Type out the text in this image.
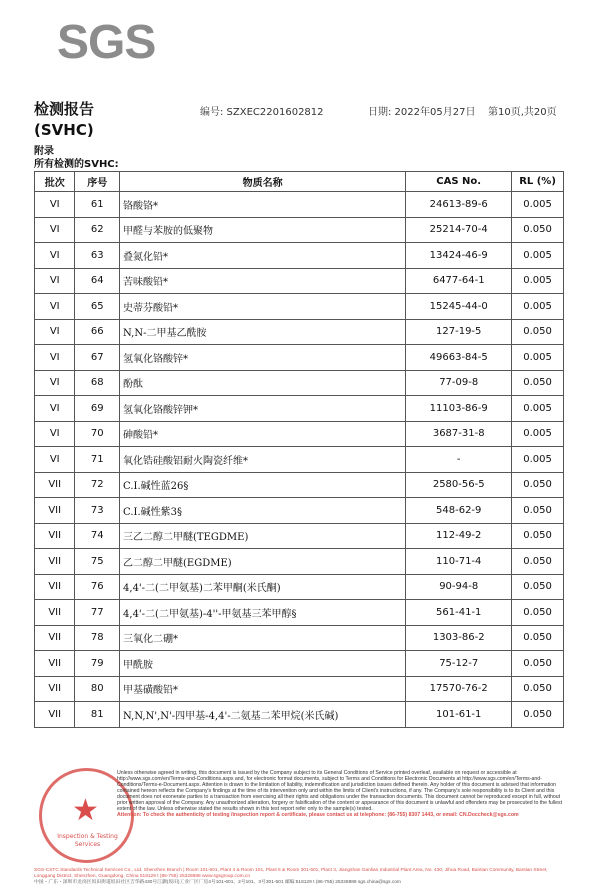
SGS
检测报告
(SVHC)
编号: SZXEC2201602812	日期: 2022年05月27日 第10页,共20页
附录
所有检测的SVHC:
批次	序号	物质名称	CAS No.	RL (%)
VI	61	铬酸铬*	24613-89-6	0.005
VI	62	甲醛与苯胺的低聚物	25214-70-4	0.050
VI	63	叠氮化铅*	13424-46-9	0.005
VI	64	苦味酸铅*	6477-64-1	0.005
VI	65	史蒂芬酸铅*	15245-44-0	0.005
VI	66	N,N-二甲基乙酰胺	127-19-5	0.050
VI	67	氢氧化铬酸锌*	49663-84-5	0.005
VI	68	酚酞	77-09-8	0.050
VI	69	氢氧化铬酸锌钾*	11103-86-9	0.005
VI	70	砷酸铅*	3687-31-8	0.005
VI	71	氧化锆硅酸铝耐火陶瓷纤维*	-	0.005
VII	72	C.I.碱性蓝26§	2580-56-5	0.050
VII	73	C.I.碱性紫3§	548-62-9	0.050
VII	74	三乙二醇二甲醚(TEGDME)	112-49-2	0.050
VII	75	乙二醇二甲醚(EGDME)	110-71-4	0.050
VII	76	4,4'-二(二甲氨基)二苯甲酮(米氏酮)	90-94-8	0.050
VII	77	4,4'-二(二甲氨基)-4''-甲氨基三苯甲醇§	561-41-1	0.050
VII	78	三氧化二硼*	1303-86-2	0.050
VII	79	甲酰胺	75-12-7	0.050
VII	80	甲基磺酸铅*	17570-76-2	0.050
VII	81	N,N,N',N'-四甲基-4,4'-二氨基二苯甲烷(米氏碱)	101-61-1	0.050
★
Inspection & Testing Services
Unless otherwise agreed in writing, this document is issued by the Company subject to its General Conditions of Service printed overleaf, available on request or accessible at http://www.sgs.com/en/Terms-and-Conditions.aspx and, for electronic format documents, subject to Terms and Conditions for Electronic Documents at http://www.sgs.com/en/Terms-and-Conditions/Terms-e-Document.aspx. Attention is drawn to the limitation of liability, indemnification and jurisdiction issues defined therein. Any holder of this document is advised that information contained hereon reflects the Company's findings at the time of its intervention only and within the limits of Client's instructions, if any. The Company's sole responsibility is to its Client and this document does not exonerate parties to a transaction from exercising all their rights and obligations under the transaction documents. This document cannot be reproduced except in full, without prior written approval of the Company. Any unauthorized alteration, forgery or falsification of the content or appearance of this document is unlawful and offenders may be prosecuted to the fullest extent of the law. Unless otherwise stated the results shown in this test report refer only to the sample(s) tested.
Attention: To check the authenticity of testing /inspection report & certificate, please contact us at telephone: (86-755) 8307 1443, or email: CN.Doccheck@sgs.com
SGS-CSTC Standards Technical Services Co., Ltd. Shenzhen Branch | Room 101-601, Plant 4 & Room 101, Plant 5 & Room 301-501, Plant 3, Jiangshan Ganlian Industrial Plant Area, No. 430, Jihua Road, Bantian Community, Bantian Street, Longgang District, Shenzhen, Guangdong, China 518129 t (86-755) 25328888 www.sgsgroup.com.cn
中国・广东・深圳市龙岗区坂田街道坂田社区吉华路430号江灏(坂田)工业厂区厂房4号101-601、2号101、3号301-501 邮编:518129 t (86-755) 25328888 sgs.china@sgs.com
